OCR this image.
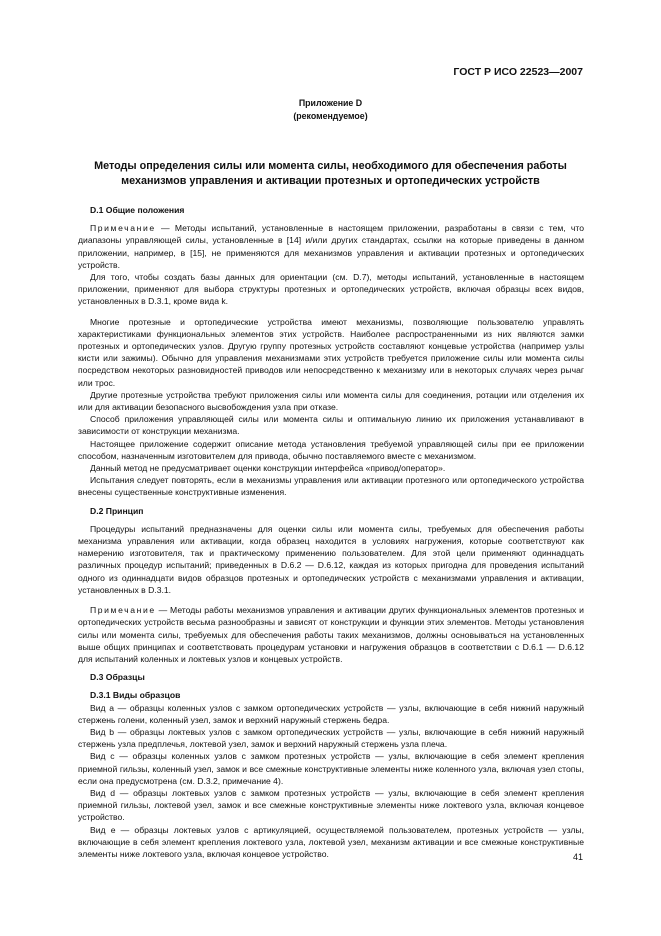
ГОСТ Р ИСО 22523—2007
Приложение D
(рекомендуемое)
Методы определения силы или момента силы, необходимого для обеспечения работы
механизмов управления и активации протезных и ортопедических устройств

D.1 Общие положения

Примечание — Методы испытаний, установленные в настоящем приложении, разработаны в связи с тем, что диапазоны управляющей силы, установленные в [14] и/или других стандартах, ссылки на которые приведены в данном приложении, например, в [15], не применяются для механизмов управления и активации протезных и ортопедических устройств.

Для того, чтобы создать базы данных для ориентации (см. D.7), методы испытаний, установленные в настоящем приложении, применяют для выбора структуры протезных и ортопедических устройств, включая образцы всех видов, установленных в D.3.1, кроме вида k.

Многие протезные и ортопедические устройства имеют механизмы, позволяющие пользователю управлять характеристиками функциональных элементов этих устройств. Наиболее распространенными из них являются замки протезных и ортопедических узлов. Другую группу протезных устройств составляют концевые устройства (например узлы кисти или зажимы). Обычно для управления механизмами этих устройств требуется приложение силы или момента силы посредством некоторых разновидностей приводов или непосредственно к механизму или в некоторых случаях через рычаг или трос.

Другие протезные устройства требуют приложения силы или момента силы для соединения, ротации или отделения их или для активации безопасного высвобождения узла при отказе.

Способ приложения управляющей силы или момента силы и оптимальную линию их приложения устанавливают в зависимости от конструкции механизма.

Настоящее приложение содержит описание метода установления требуемой управляющей силы при ее приложении способом, назначенным изготовителем для привода, обычно поставляемого вместе с механизмом.

Данный метод не предусматривает оценки конструкции интерфейса «привод/оператор».

Испытания следует повторять, если в механизмы управления или активации протезного или ортопедического устройства внесены существенные конструктивные изменения.

D.2 Принцип

Процедуры испытаний предназначены для оценки силы или момента силы, требуемых для обеспечения работы механизма управления или активации, когда образец находится в условиях нагружения, которые соответствуют как намерению изготовителя, так и практическому применению пользователем. Для этой цели применяют одиннадцать различных процедур испытаний; приведенных в D.6.2 — D.6.12, каждая из которых пригодна для проведения испытаний одного из одиннадцати видов образцов протезных и ортопедических устройств с механизмами управления и активации, установленных в D.3.1.

Примечание — Методы работы механизмов управления и активации других функциональных элементов протезных и ортопедических устройств весьма разнообразны и зависят от конструкции и функции этих элементов. Методы установления силы или момента силы, требуемых для обеспечения работы таких механизмов, должны основываться на установленных выше общих принципах и соответствовать процедурам установки и нагружения образцов в соответствии с D.6.1 — D.6.12 для испытаний коленных и локтевых узлов и концевых устройств.

D.3 Образцы

D.3.1 Виды образцов

Вид a — образцы коленных узлов с замком ортопедических устройств — узлы, включающие в себя нижний наружный стержень голени, коленный узел, замок и верхний наружный стержень бедра.

Вид b — образцы локтевых узлов с замком ортопедических устройств — узлы, включающие в себя нижний наружный стержень узла предплечья, локтевой узел, замок и верхний наружный стержень узла плеча.

Вид c — образцы коленных узлов с замком протезных устройств — узлы, включающие в себя элемент крепления приемной гильзы, коленный узел, замок и все смежные конструктивные элементы ниже коленного узла, включая узел стопы, если она предусмотрена (см. D.3.2, примечание 4).

Вид d — образцы локтевых узлов с замком протезных устройств — узлы, включающие в себя элемент крепления приемной гильзы, локтевой узел, замок и все смежные конструктивные элементы ниже локтевого узла, включая концевое устройство.

Вид e — образцы локтевых узлов с артикуляцией, осуществляемой пользователем, протезных устройств — узлы, включающие в себя элемент крепления локтевого узла, локтевой узел, механизм активации и все смежные конструктивные элементы ниже локтевого узла, включая концевое устройство.	41
